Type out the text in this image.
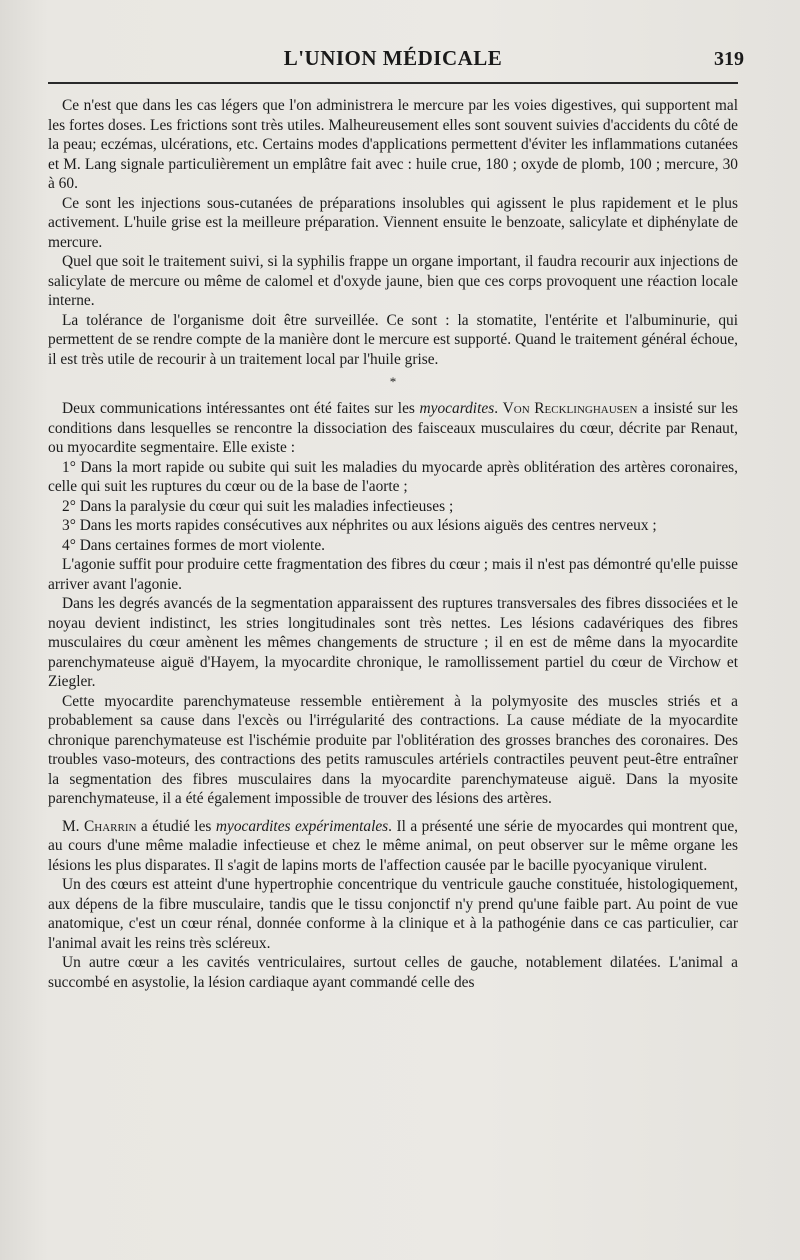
L'UNION MÉDICALE	319

Ce n'est que dans les cas légers que l'on administrera le mercure par les voies digestives, qui supportent mal les fortes doses. Les frictions sont très utiles. Malheureusement elles sont souvent suivies d'accidents du côté de la peau; eczémas, ulcérations, etc. Certains modes d'applications permettent d'éviter les inflammations cutanées et M. Lang signale particulièrement un emplâtre fait avec : huile crue, 180 ; oxyde de plomb, 100 ; mercure, 30 à 60.

Ce sont les injections sous-cutanées de préparations insolubles qui agissent le plus rapidement et le plus activement. L'huile grise est la meilleure préparation. Viennent ensuite le benzoate, salicylate et diphénylate de mercure.

Quel que soit le traitement suivi, si la syphilis frappe un organe important, il faudra recourir aux injections de salicylate de mercure ou même de calomel et d'oxyde jaune, bien que ces corps provoquent une réaction locale interne.

La tolérance de l'organisme doit être surveillée. Ce sont : la stomatite, l'entérite et l'albuminurie, qui permettent de se rendre compte de la manière dont le mercure est supporté. Quand le traitement général échoue, il est très utile de recourir à un traitement local par l'huile grise.

*

Deux communications intéressantes ont été faites sur les myocardites. Von Recklinghausen a insisté sur les conditions dans lesquelles se rencontre la dissociation des faisceaux musculaires du cœur, décrite par Renaut, ou myocardite segmentaire. Elle existe :

1° Dans la mort rapide ou subite qui suit les maladies du myocarde après oblitération des artères coronaires, celle qui suit les ruptures du cœur ou de la base de l'aorte ;

2° Dans la paralysie du cœur qui suit les maladies infectieuses ;

3° Dans les morts rapides consécutives aux néphrites ou aux lésions aiguës des centres nerveux ;

4° Dans certaines formes de mort violente.

L'agonie suffit pour produire cette fragmentation des fibres du cœur ; mais il n'est pas démontré qu'elle puisse arriver avant l'agonie.

Dans les degrés avancés de la segmentation apparaissent des ruptures transversales des fibres dissociées et le noyau devient indistinct, les stries longitudinales sont très nettes. Les lésions cadavériques des fibres musculaires du cœur amènent les mêmes changements de structure ; il en est de même dans la myocardite parenchymateuse aiguë d'Hayem, la myocardite chronique, le ramollissement partiel du cœur de Virchow et Ziegler.

Cette myocardite parenchymateuse ressemble entièrement à la polymyosite des muscles striés et a probablement sa cause dans l'excès ou l'irrégularité des contractions. La cause médiate de la myocardite chronique parenchymateuse est l'ischémie produite par l'oblitération des grosses branches des coronaires. Des troubles vaso-moteurs, des contractions des petits ramuscules artériels contractiles peuvent peut-être entraîner la segmentation des fibres musculaires dans la myocardite parenchymateuse aiguë. Dans la myosite parenchymateuse, il a été également impossible de trouver des lésions des artères.

M. Charrin a étudié les myocardites expérimentales. Il a présenté une série de myocardes qui montrent que, au cours d'une même maladie infectieuse et chez le même animal, on peut observer sur le même organe les lésions les plus disparates. Il s'agit de lapins morts de l'affection causée par le bacille pyocyanique virulent.

Un des cœurs est atteint d'une hypertrophie concentrique du ventricule gauche constituée, histologiquement, aux dépens de la fibre musculaire, tandis que le tissu conjonctif n'y prend qu'une faible part. Au point de vue anatomique, c'est un cœur rénal, donnée conforme à la clinique et à la pathogénie dans ce cas particulier, car l'animal avait les reins très scléreux.

Un autre cœur a les cavités ventriculaires, surtout celles de gauche, notablement dilatées. L'animal a succombé en asystolie, la lésion cardiaque ayant commandé celle des
